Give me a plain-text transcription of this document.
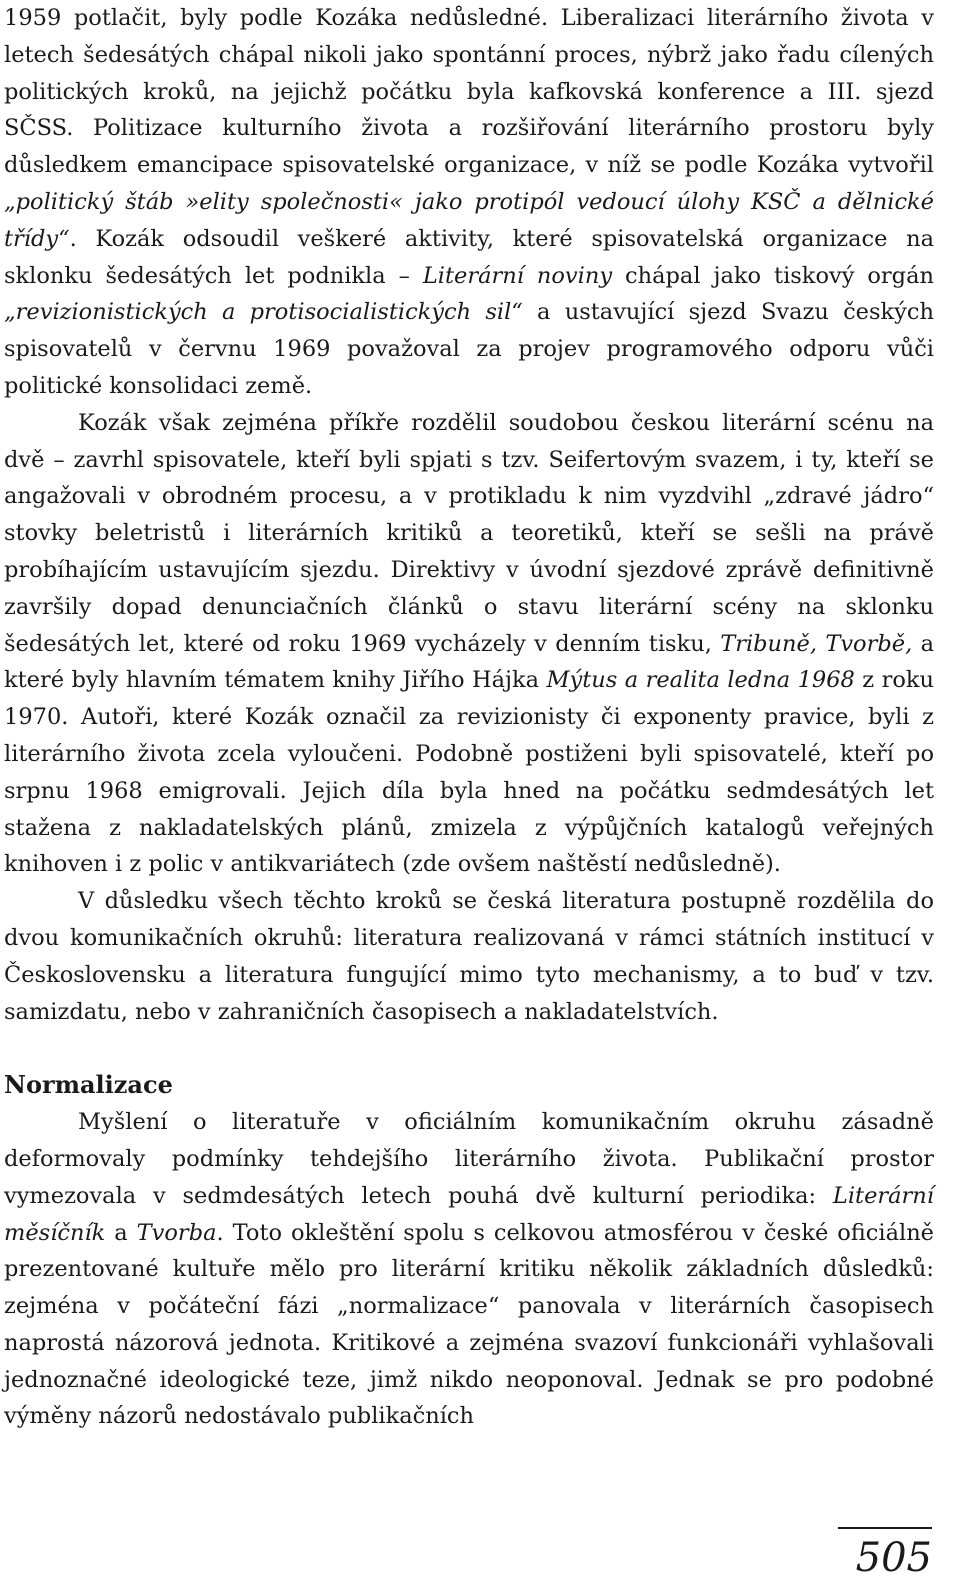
1959 potlačit, byly podle Kozáka nedůsledné. Liberalizaci literárního života v letech šedesátých chápal nikoli jako spontánní proces, nýbrž jako řadu cílených politických kroků, na jejichž počátku byla kafkovská konference a III. sjezd SČSS. Politizace kulturního života a rozšiřování literárního prostoru byly důsledkem emancipace spisovatelské organizace, v níž se podle Kozáka vytvořil „politický štáb »elity společnosti« jako protipól vedoucí úlohy KSČ a dělnické třídy“. Kozák odsoudil veškeré aktivity, které spisovatelská organizace na sklonku šedesátých let podnikla – Literární noviny chápal jako tiskový orgán „revizionistických a protisocialistických sil“ a ustavující sjezd Svazu českých spisovatelů v červnu 1969 považoval za projev programového odporu vůči politické konsolidaci země.

Kozák však zejména příkře rozdělil soudobou českou literární scénu na dvě – zavrhl spisovatele, kteří byli spjati s tzv. Seifertovým svazem, i ty, kteří se angažovali v obrodném procesu, a v protikladu k nim vyzdvihl „zdravé jádro“ stovky beletristů i literárních kritiků a teoretiků, kteří se sešli na právě probíhajícím ustavujícím sjezdu. Direktivy v úvodní sjezdové zprávě definitivně završily dopad denunciačních článků o stavu literární scény na sklonku šedesátých let, které od roku 1969 vycházely v denním tisku, Tribuně, Tvorbě, a které byly hlavním tématem knihy Jiřího Hájka Mýtus a realita ledna 1968 z roku 1970. Autoři, které Kozák označil za revizionisty či exponenty pravice, byli z literárního života zcela vyloučeni. Podobně postiženi byli spisovatelé, kteří po srpnu 1968 emigrovali. Jejich díla byla hned na počátku sedmdesátých let stažena z nakladatelských plánů, zmizela z výpůjčních katalogů veřejných knihoven i z polic v antikvariátech (zde ovšem naštěstí nedůsledně).

V důsledku všech těchto kroků se česká literatura postupně rozdělila do dvou komunikačních okruhů: literatura realizovaná v rámci státních institucí v Československu a literatura fungující mimo tyto mechanismy, a to buď v tzv. samizdatu, nebo v zahraničních časopisech a nakladatelstvích.

Normalizace

Myšlení o literatuře v oficiálním komunikačním okruhu zásadně deformovaly podmínky tehdejšího literárního života. Publikační prostor vymezovala v sedmdesátých letech pouhá dvě kulturní periodika: Literární měsíčník a Tvorba. Toto okleštění spolu s celkovou atmosférou v české oficiálně prezentované kultuře mělo pro literární kritiku několik základních důsledků: zejména v počáteční fázi „normalizace“ panovala v literárních časopisech naprostá názorová jednota. Kritikové a zejména svazoví funkcionáři vyhlašovali jednoznačné ideologické teze, jimž nikdo neoponoval. Jednak se pro podobné výměny názorů nedostávalo publikačních

505
